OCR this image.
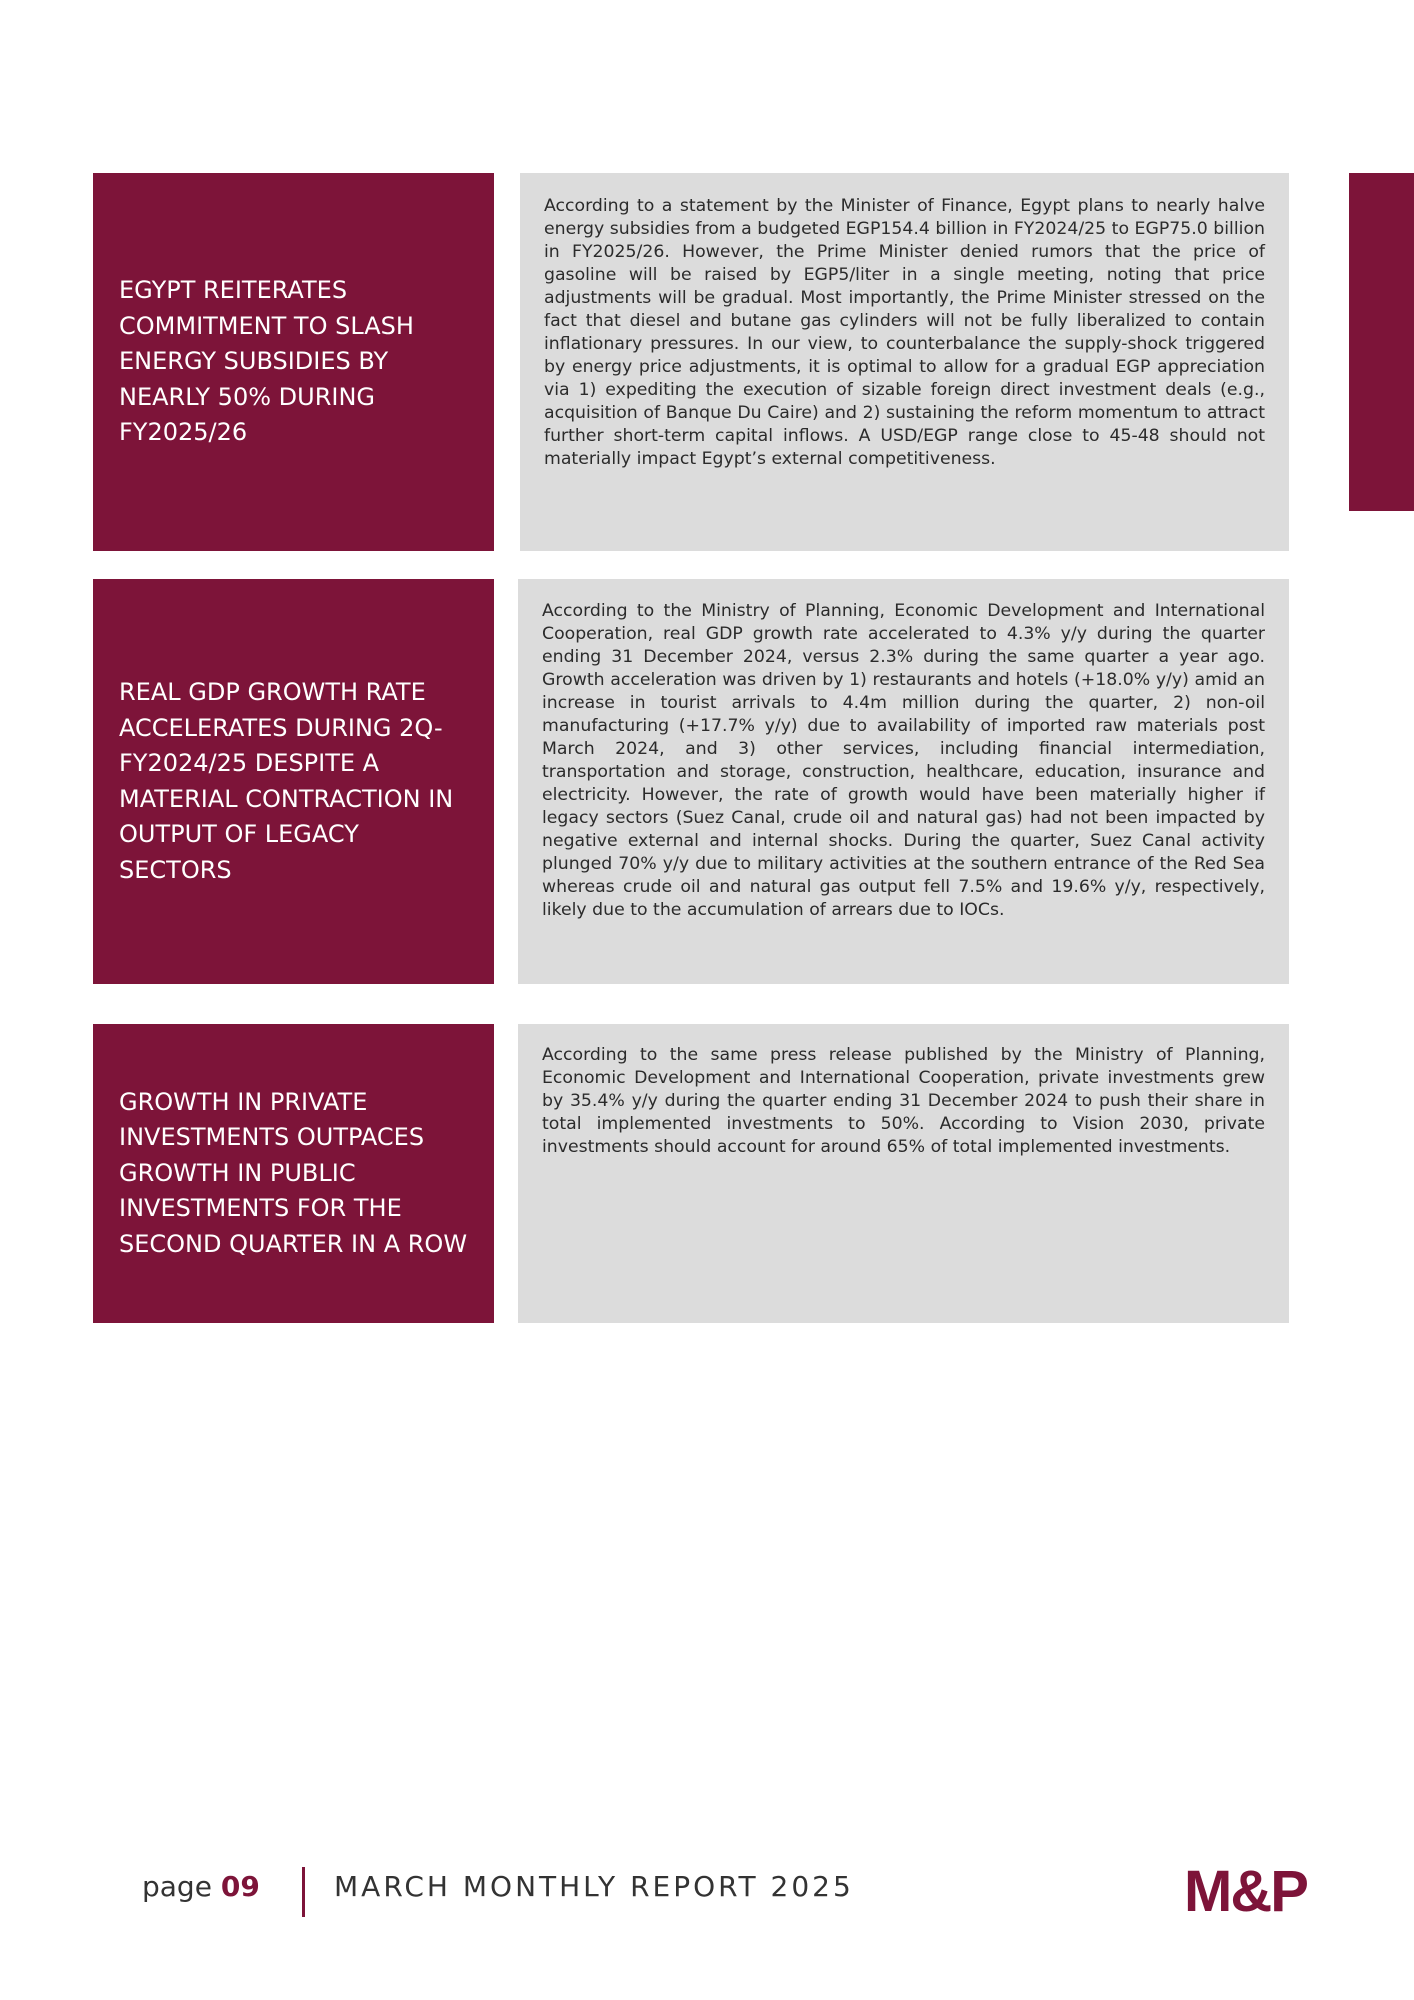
EGYPT REITERATES COMMITMENT TO SLASH ENERGY SUBSIDIES BY NEARLY 50% DURING FY2025/26

According to a statement by the Minister of Finance, Egypt plans to nearly halve energy subsidies from a budgeted EGP154.4 billion in FY2024/25 to EGP75.0 billion in FY2025/26. However, the Prime Minister denied rumors that the price of gasoline will be raised by EGP5/liter in a single meeting, noting that price adjustments will be gradual. Most importantly, the Prime Minister stressed on the fact that diesel and butane gas cylinders will not be fully liberalized to contain inflationary pressures. In our view, to counterbalance the supply-shock triggered by energy price adjustments, it is optimal to allow for a gradual EGP appreciation via 1) expediting the execution of sizable foreign direct investment deals (e.g., acquisition of Banque Du Caire) and 2) sustaining the reform momentum to attract further short-term capital inflows. A USD/EGP range close to 45-48 should not materially impact Egypt’s external competitiveness.

REAL GDP GROWTH RATE ACCELERATES DURING 2Q-FY2024/25 DESPITE A MATERIAL CONTRACTION IN OUTPUT OF LEGACY SECTORS

According to the Ministry of Planning, Economic Development and International Cooperation, real GDP growth rate accelerated to 4.3% y/y during the quarter ending 31 December 2024, versus 2.3% during the same quarter a year ago. Growth acceleration was driven by 1) restaurants and hotels (+18.0% y/y) amid an increase in tourist arrivals to 4.4m million during the quarter, 2) non-oil manufacturing (+17.7% y/y) due to availability of imported raw materials post March 2024, and 3) other services, including financial intermediation, transportation and storage, construction, healthcare, education, insurance and electricity. However, the rate of growth would have been materially higher if legacy sectors (Suez Canal, crude oil and natural gas) had not been impacted by negative external and internal shocks. During the quarter, Suez Canal activity plunged 70% y/y due to military activities at the southern entrance of the Red Sea whereas crude oil and natural gas output fell 7.5% and 19.6% y/y, respectively, likely due to the accumulation of arrears due to IOCs.

GROWTH IN PRIVATE INVESTMENTS OUTPACES GROWTH IN PUBLIC INVESTMENTS FOR THE SECOND QUARTER IN A ROW

According to the same press release published by the Ministry of Planning, Economic Development and International Cooperation, private investments grew by 35.4% y/y during the quarter ending 31 December 2024 to push their share in total implemented investments to 50%. According to Vision 2030, private investments should account for around 65% of total implemented investments.

page 09	MARCH MONTHLY REPORT 2025	M&P
